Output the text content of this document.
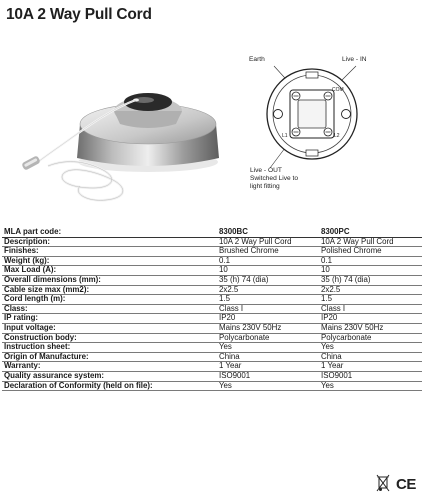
10A 2 Way Pull Cord
COM
L1	L2
Earth	Live - IN
Live - OUT
Switched Live to
light fitting
MLA part code:	8300BC	8300PC
Description:	10A 2 Way Pull Cord	10A 2 Way Pull Cord
Finishes:	Brushed Chrome	Polished Chrome
Weight (kg):	0.1	0.1
Max Load (A):	10	10
Overall dimensions (mm):	35 (h) 74 (dia)	35 (h) 74 (dia)
Cable size max (mm2):	2x2.5	2x2.5
Cord length (m):	1.5	1.5
Class:	Class I	Class I
IP rating:	IP20	IP20
Input voltage:	Mains 230V 50Hz	Mains 230V 50Hz
Construction body:	Polycarbonate	Polycarbonate
Instruction sheet:	Yes	Yes
Origin of Manufacture:	China	China
Warranty:	1 Year	1 Year
Quality assurance system:	ISO9001	ISO9001
Declaration of Conformity (held on file):	Yes	Yes
CE
